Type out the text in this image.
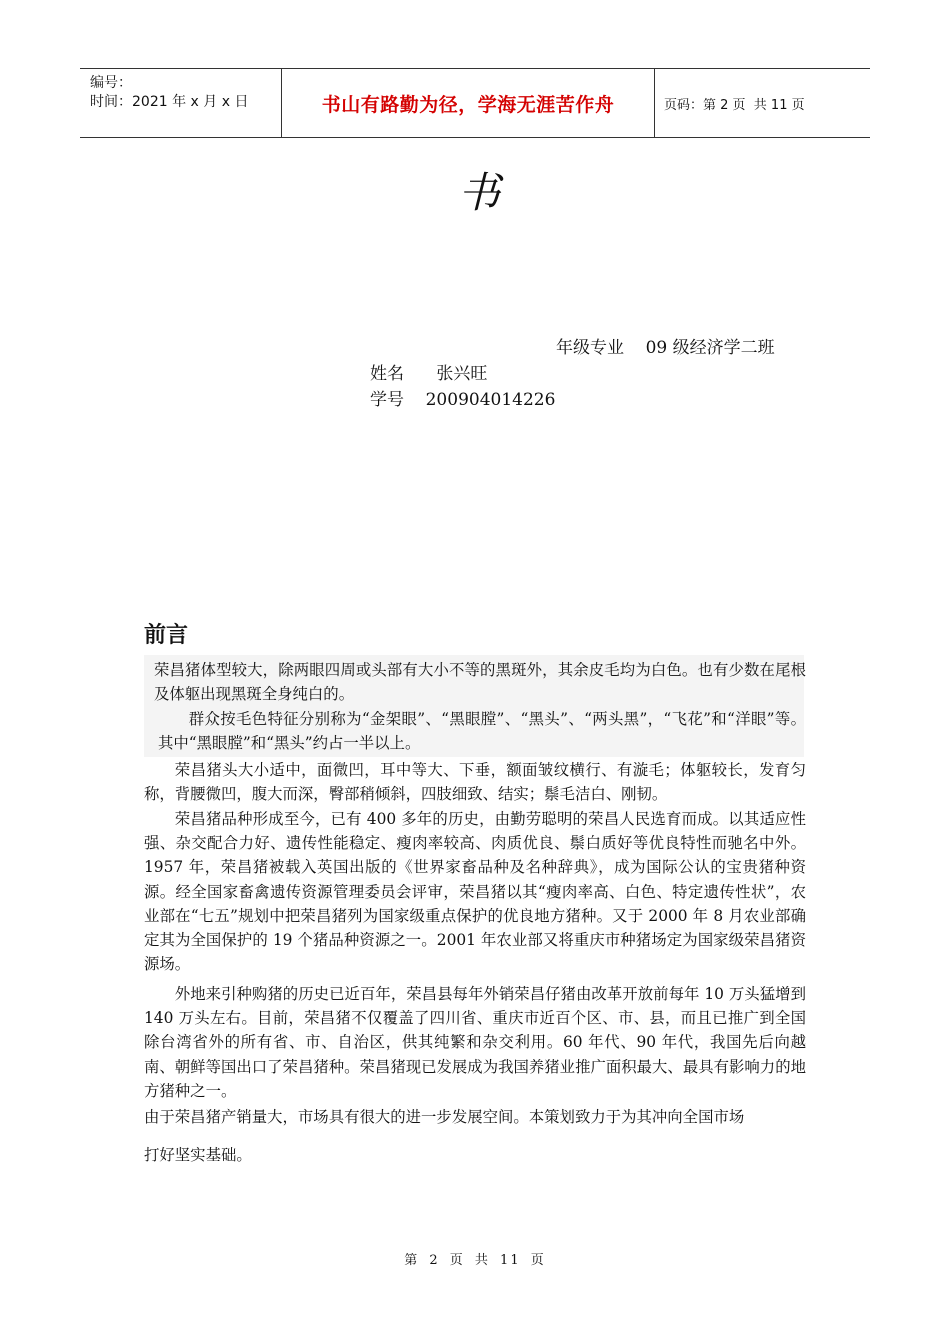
编号：
时间：2021 年 x 月 x 日	书山有路勤为径，学海无涯苦作舟	页码：第 2 页  共 11 页
书
年级专业    09 级经济学二班
姓名      张兴旺
学号    200904014226
前言
荣昌猪体型较大，除两眼四周或头部有大小不等的黑斑外，其余皮毛均为白色。也有少数在尾根及体躯出现黑斑全身纯白的。
群众按毛色特征分别称为“金架眼”、“黑眼膛”、“黑头”、“两头黑”，“飞花”和“洋眼”等。其中“黑眼膛”和“黑头”约占一半以上。
荣昌猪头大小适中，面微凹，耳中等大、下垂，额面皱纹横行、有漩毛；体躯较长，发育匀称，背腰微凹，腹大而深，臀部稍倾斜，四肢细致、结实；鬃毛洁白、刚韧。
荣昌猪品种形成至今，已有 400 多年的历史，由勤劳聪明的荣昌人民选育而成。以其适应性强、杂交配合力好、遗传性能稳定、瘦肉率较高、肉质优良、鬃白质好等优良特性而驰名中外。1957 年，荣昌猪被载入英国出版的《世界家畜品种及名种辞典》，成为国际公认的宝贵猪种资源。经全国家畜禽遗传资源管理委员会评审，荣昌猪以其“瘦肉率高、白色、特定遗传性状”，农业部在“七五”规划中把荣昌猪列为国家级重点保护的优良地方猪种。又于 2000 年 8 月农业部确定其为全国保护的 19 个猪品种资源之一。2001 年农业部又将重庆市种猪场定为国家级荣昌猪资源场。
外地来引种购猪的历史已近百年，荣昌县每年外销荣昌仔猪由改革开放前每年 10 万头猛增到 140 万头左右。目前，荣昌猪不仅覆盖了四川省、重庆市近百个区、市、县，而且已推广到全国除台湾省外的所有省、市、自治区，供其纯繁和杂交利用。60 年代、90 年代，我国先后向越南、朝鲜等国出口了荣昌猪种。荣昌猪现已发展成为我国养猪业推广面积最大、最具有影响力的地方猪种之一。
由于荣昌猪产销量大，市场具有很大的进一步发展空间。本策划致力于为其冲向全国市场
打好坚实基础。
第 2 页 共 11 页
